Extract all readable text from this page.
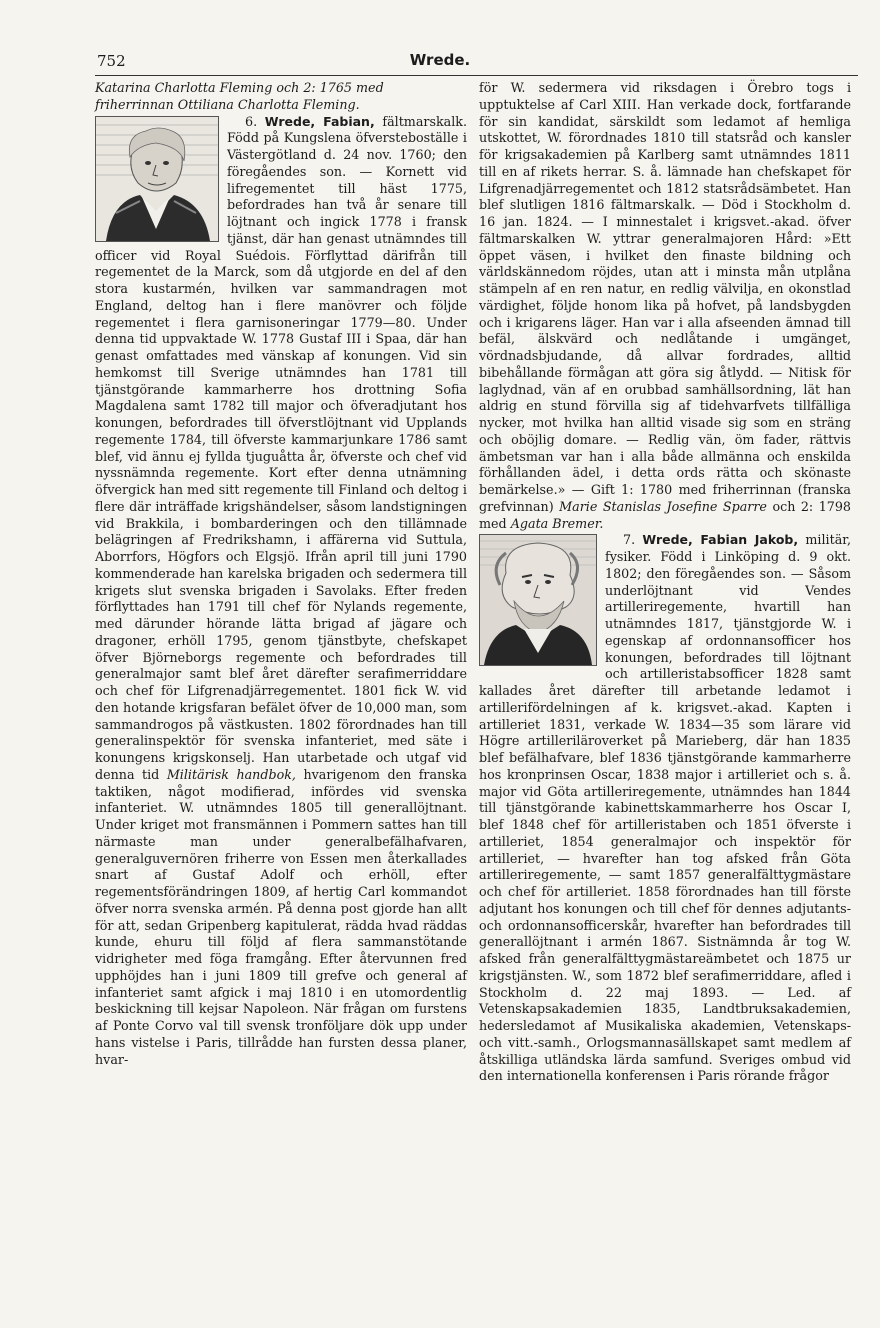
752	Wrede.

Katarina Charlotta Fleming och 2: 1765 med
friherrinnan Ottiliana Charlotta Fleming.

6. Wrede, Fabian, fältmarskalk. Född på Kungslena öfversteboställe i Västergötland d. 24 nov. 1760; den föregåendes son. — Kornett vid lifregementet till häst 1775, befordrades han två år senare till löjtnant och ingick 1778 i fransk tjänst, där han genast utnämndes till officer vid Royal Suédois. Förflyttad därifrån till regementet de la Marck, som då utgjorde en del af den stora kustarmén, hvilken var sammandragen mot England, deltog han i flere manövrer och följde regementet i flera garnisoneringar 1779—80. Under denna tid uppvaktade W. 1778 Gustaf III i Spaa, där han genast omfattades med vänskap af konungen. Vid sin hemkomst till Sverige utnämndes han 1781 till tjänstgörande kammarherre hos drottning Sofia Magdalena samt 1782 till major och öfveradjutant hos konungen, befordrades till öfverstlöjtnant vid Upplands regemente 1784, till öfverste kammarjunkare 1786 samt blef, vid ännu ej fyllda tjuguåtta år, öfverste och chef vid nyssnämnda regemente. Kort efter denna utnämning öfvergick han med sitt regemente till Finland och deltog i flere där inträffade krigshändelser, såsom landstigningen vid Brakkila, i bombarderingen och den tillämnade belägringen af Fredrikshamn, i affärerna vid Suttula, Aborrfors, Högfors och Elgsjö. Ifrån april till juni 1790 kommenderade han karelska brigaden och sedermera till krigets slut svenska brigaden i Savolaks. Efter freden förflyttades han 1791 till chef för Nylands regemente, med därunder hörande lätta brigad af jägare och dragoner, erhöll 1795, genom tjänstbyte, chefskapet öfver Björneborgs regemente och befordrades till generalmajor samt blef året därefter serafimerriddare och chef för Lifgrenadjärregementet. 1801 fick W. vid den hotande krigsfaran befälet öfver de 10,000 man, som sammandrogos på västkusten. 1802 förordnades han till generalinspektör för svenska infanteriet, med säte i konungens krigskonselj. Han utarbetade och utgaf vid denna tid Militärisk handbok, hvarigenom den franska taktiken, något modifierad, infördes vid svenska infanteriet. W. utnämndes 1805 till generallöjtnant. Under kriget mot fransmännen i Pommern sattes han till närmaste man under generalbefälhafvaren, generalguvernören friherre von Essen men återkallades snart af Gustaf Adolf och erhöll, efter regementsförändringen 1809, af hertig Carl kommandot öfver norra svenska armén. På denna post gjorde han allt för att, sedan Gripenberg kapitulerat, rädda hvad räddas kunde, ehuru till följd af flera sammanstötande vidrigheter med föga framgång. Efter återvunnen fred upphöjdes han i juni 1809 till grefve och general af infanteriet samt afgick i maj 1810 i en utomordentlig beskickning till kejsar Napoleon. När frågan om furstens af Ponte Corvo val till svensk tronföljare dök upp under hans vistelse i Paris, tillrådde han fursten dessa planer, hvar-

för W. sedermera vid riksdagen i Örebro togs i upptuktelse af Carl XIII. Han verkade dock, fortfarande för sin kandidat, särskildt som ledamot af hemliga utskottet, W. förordnades 1810 till statsråd och kansler för krigsakademien på Karlberg samt utnämndes 1811 till en af rikets herrar. S. å. lämnade han chefskapet för Lifgrenadjärregementet och 1812 statsrådsämbetet. Han blef slutligen 1816 fältmarskalk. — Död i Stockholm d. 16 jan. 1824. — I minnestalet i krigsvet.-akad. öfver fältmarskalken W. yttrar generalmajoren Hård: »Ett öppet väsen, i hvilket den finaste bildning och världskännedom röjdes, utan att i minsta mån utplåna stämpeln af en ren natur, en redlig välvilja, en okonstlad värdighet, följde honom lika på hofvet, på landsbygden och i krigarens läger. Han var i alla afseenden ämnad till befäl, älskvärd och nedlåtande i umgänget, vördnadsbjudande, då allvar fordrades, alltid bibehållande förmågan att göra sig åtlydd. — Nitisk för laglydnad, vän af en orubbad samhällsordning, lät han aldrig en stund förvilla sig af tidehvarfvets tillfälliga nycker, mot hvilka han alltid visade sig som en sträng och oböjlig domare. — Redlig vän, öm fader, rättvis ämbetsman var han i alla både allmänna och enskilda förhållanden ädel, i detta ords rätta och skönaste bemärkelse.» — Gift 1: 1780 med friherrinnan (franska grefvinnan) Marie Stanislas Josefine Sparre och 2: 1798 med Agata Bremer.

7. Wrede, Fabian Jakob, militär, fysiker. Född i Linköping d. 9 okt. 1802; den föregåendes son. — Såsom underlöjtnant vid Vendes artilleriregemente, hvartill han utnämndes 1817, tjänstgjorde W. i egenskap af ordonnansofficer hos konungen, befordrades till löjtnant och artilleristabsofficer 1828 samt kallades året därefter till arbetande ledamot i artillerifördelningen af k. krigsvet.-akad. Kapten i artilleriet 1831, verkade W. 1834—35 som lärare vid Högre artilleriläroverket på Marieberg, där han 1835 blef befälhafvare, blef 1836 tjänstgörande kammarherre hos kronprinsen Oscar, 1838 major i artilleriet och s. å. major vid Göta artilleriregemente, utnämndes han 1844 till tjänstgörande kabinettskammarherre hos Oscar I, blef 1848 chef för artilleristaben och 1851 öfverste i artilleriet, 1854 generalmajor och inspektör för artilleriet, — hvarefter han tog afsked från Göta artilleriregemente, — samt 1857 generalfälttygmästare och chef för artilleriet. 1858 förordnades han till förste adjutant hos konungen och till chef för dennes adjutants- och ordonnansofficerskår, hvarefter han befordrades till generallöjtnant i armén 1867. Sistnämnda år tog W. afsked från generalfälttygmästareämbetet och 1875 ur krigstjänsten. W., som 1872 blef serafimerriddare, afled i Stockholm d. 22 maj 1893. — Led. af Vetenskapsakademien 1835, Landtbruksakademien, hedersledamot af Musikaliska akademien, Vetenskaps- och vitt.-samh., Orlogsmannasällskapet samt medlem af åtskilliga utländska lärda samfund. Sveriges ombud vid den internationella konferensen i Paris rörande frågor
